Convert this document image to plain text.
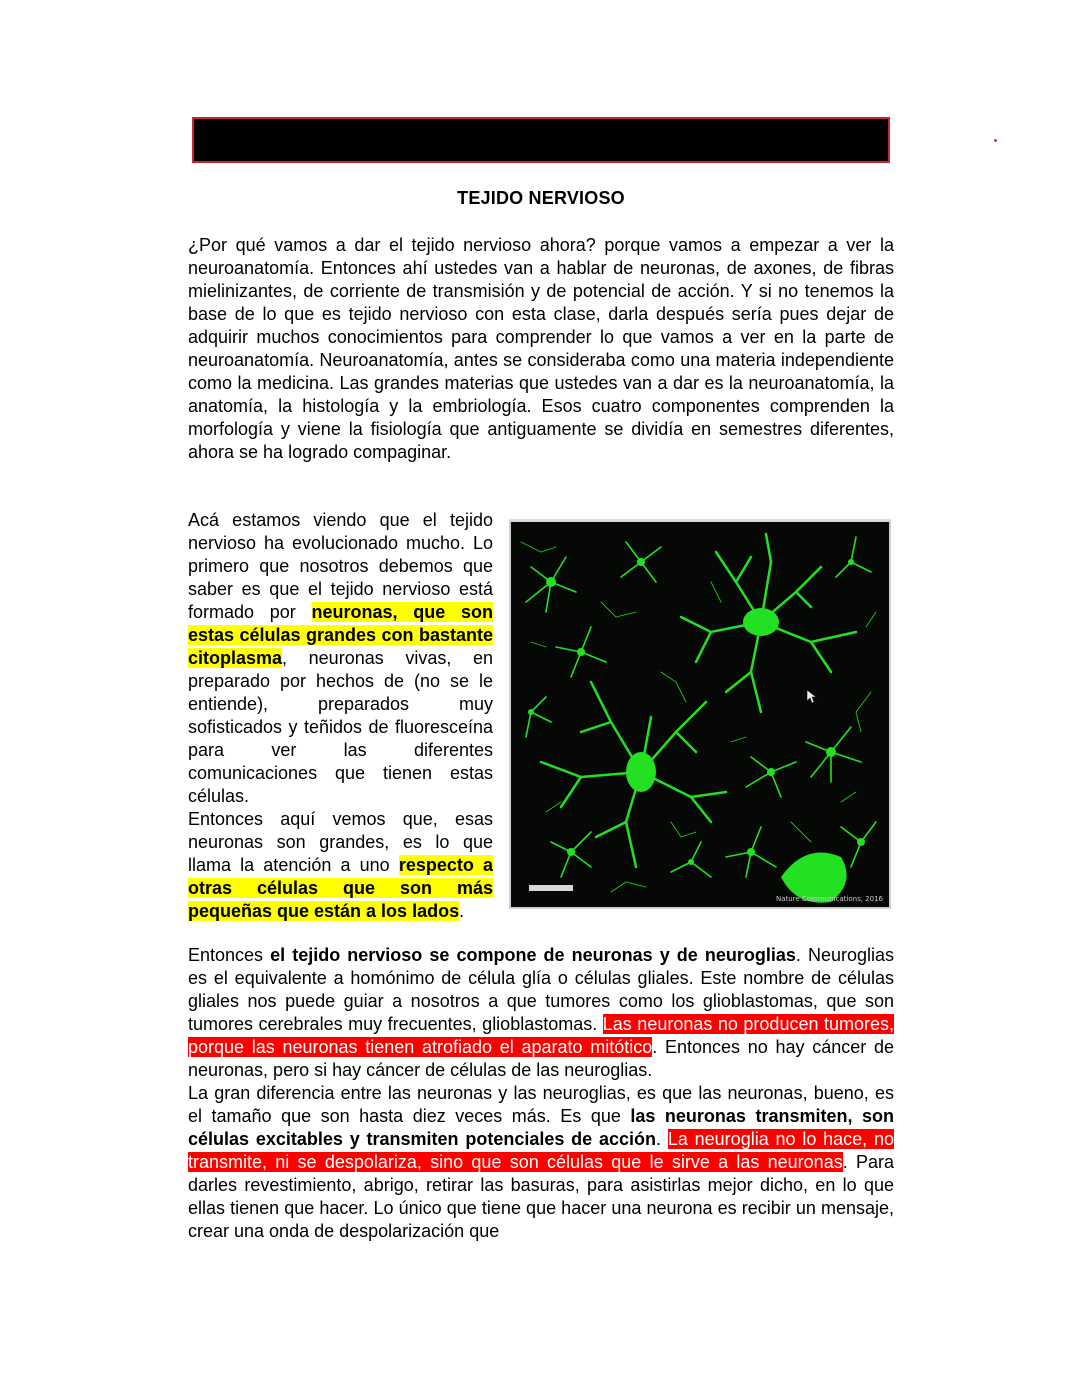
TEJIDO NERVIOSO

¿Por qué vamos a dar el tejido nervioso ahora? porque vamos a empezar a ver la neuroanatomía. Entonces ahí ustedes van a hablar de neuronas, de axones, de fibras mielinizantes, de corriente de transmisión y de potencial de acción. Y si no tenemos la base de lo que es tejido nervioso con esta clase, darla después sería pues dejar de adquirir muchos conocimientos para comprender lo que vamos a ver en la parte de neuroanatomía. Neuroanatomía, antes se consideraba como una materia independiente como la medicina. Las grandes materias que ustedes van a dar es la neuroanatomía, la anatomía, la histología y la embriología. Esos cuatro componentes comprenden la morfología y viene la fisiología que antiguamente se dividía en semestres diferentes, ahora se ha logrado compaginar.

Acá estamos viendo que el tejido nervioso ha evolucionado mucho. Lo primero que nosotros debemos que saber es que el tejido nervioso está formado por neuronas, que son estas células grandes con bastante citoplasma, neuronas vivas, en preparado por hechos de (no se le entiende), preparados muy sofisticados y teñidos de fluoresceína para ver las diferentes comunicaciones que tienen estas células.

Entonces aquí vemos que, esas neuronas son grandes, es lo que llama la atención a uno respecto a otras células que son más pequeñas que están a los lados.

Nature Communications, 2016

Entonces el tejido nervioso se compone de neuronas y de neuroglias. Neuroglias es el equivalente a homónimo de célula glía o células gliales. Este nombre de células gliales nos puede guiar a nosotros a que tumores como los glioblastomas, que son tumores cerebrales muy frecuentes, glioblastomas. Las neuronas no producen tumores, porque las neuronas tienen atrofiado el aparato mitótico. Entonces no hay cáncer de neuronas, pero si hay cáncer de células de las neuroglias.
La gran diferencia entre las neuronas y las neuroglias, es que las neuronas, bueno, es el tamaño que son hasta diez veces más. Es que las neuronas transmiten, son células excitables y transmiten potenciales de acción. La neuroglia no lo hace, no transmite, ni se despolariza, sino que son células que le sirve a las neuronas. Para darles revestimiento, abrigo, retirar las basuras, para asistirlas mejor dicho, en lo que ellas tienen que hacer. Lo único que tiene que hacer una neurona es recibir un mensaje, crear una onda de despolarización que
